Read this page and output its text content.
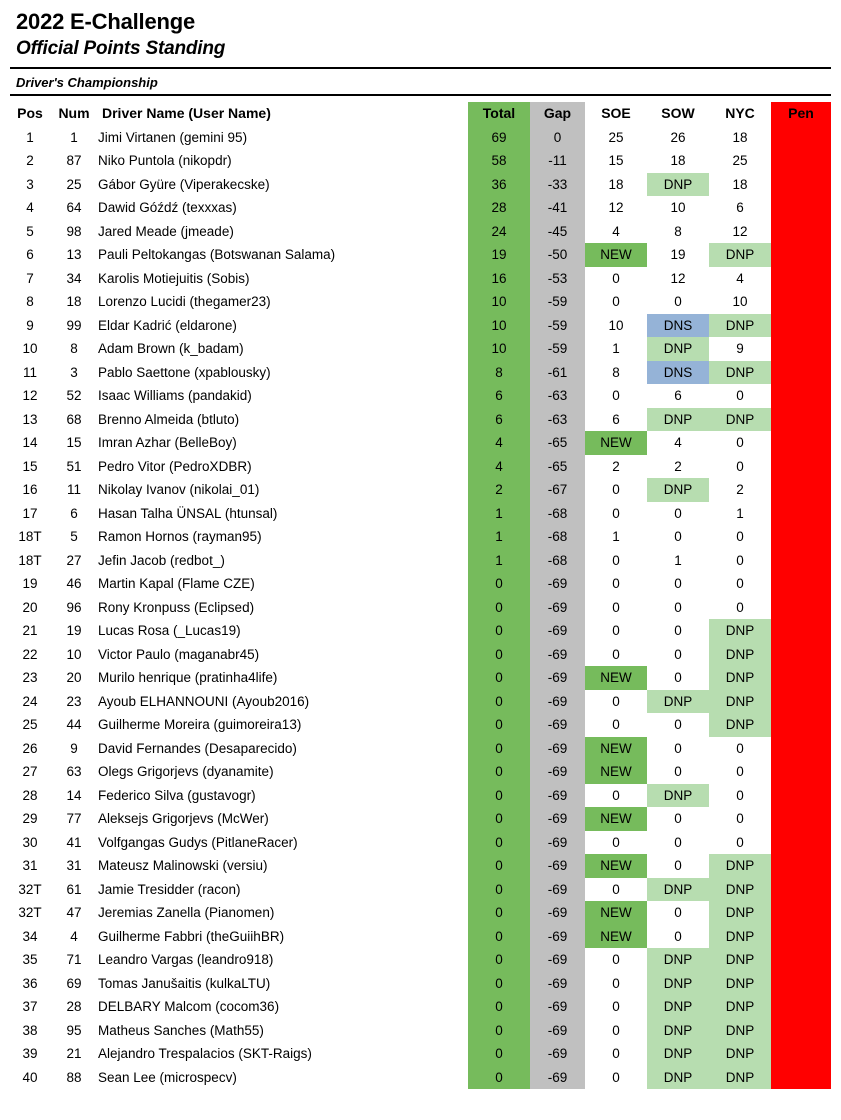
2022 E-Challenge
Official Points Standing
Driver's Championship
Pos	Num	Driver Name (User Name)	Total	Gap	SOE	SOW	NYC	Pen
1	1	Jimi Virtanen (gemini 95)	69	0	25	26	18	
2	87	Niko Puntola (nikopdr)	58	-11	15	18	25	
3	25	Gábor Gyüre (Viperakecske)	36	-33	18	DNP	18	
4	64	Dawid Góźdź (texxxas)	28	-41	12	10	6	
5	98	Jared Meade (jmeade)	24	-45	4	8	12	
6	13	Pauli Peltokangas (Botswanan Salama)	19	-50	NEW	19	DNP	
7	34	Karolis Motiejuitis (Sobis)	16	-53	0	12	4	
8	18	Lorenzo Lucidi (thegamer23)	10	-59	0	0	10	
9	99	Eldar Kadrić (eldarone)	10	-59	10	DNS	DNP	
10	8	Adam Brown (k_badam)	10	-59	1	DNP	9	
11	3	Pablo Saettone (xpablousky)	8	-61	8	DNS	DNP	
12	52	Isaac Williams (pandakid)	6	-63	0	6	0	
13	68	Brenno Almeida (btluto)	6	-63	6	DNP	DNP	
14	15	Imran Azhar (BelleBoy)	4	-65	NEW	4	0	
15	51	Pedro Vitor (PedroXDBR)	4	-65	2	2	0	
16	11	Nikolay Ivanov (nikolai_01)	2	-67	0	DNP	2	
17	6	Hasan Talha ÜNSAL (htunsal)	1	-68	0	0	1	
18T	5	Ramon Hornos (rayman95)	1	-68	1	0	0	
18T	27	Jefin Jacob (redbot_)	1	-68	0	1	0	
19	46	Martin Kapal (Flame CZE)	0	-69	0	0	0	
20	96	Rony Kronpuss (Eclipsed)	0	-69	0	0	0	
21	19	Lucas Rosa (_Lucas19)	0	-69	0	0	DNP	
22	10	Victor Paulo (maganabr45)	0	-69	0	0	DNP	
23	20	Murilo henrique (pratinha4life)	0	-69	NEW	0	DNP	
24	23	Ayoub ELHANNOUNI (Ayoub2016)	0	-69	0	DNP	DNP	
25	44	Guilherme Moreira (guimoreira13)	0	-69	0	0	DNP	
26	9	David Fernandes (Desaparecido)	0	-69	NEW	0	0	
27	63	Olegs Grigorjevs (dyanamite)	0	-69	NEW	0	0	
28	14	Federico Silva (gustavogr)	0	-69	0	DNP	0	
29	77	Aleksejs Grigorjevs (McWer)	0	-69	NEW	0	0	
30	41	Volfgangas Gudys (PitlaneRacer)	0	-69	0	0	0	
31	31	Mateusz Malinowski (versiu)	0	-69	NEW	0	DNP	
32T	61	Jamie Tresidder (racon)	0	-69	0	DNP	DNP	
32T	47	Jeremias Zanella (Pianomen)	0	-69	NEW	0	DNP	
34	4	Guilherme Fabbri (theGuiihBR)	0	-69	NEW	0	DNP	
35	71	Leandro Vargas (leandro918)	0	-69	0	DNP	DNP	
36	69	Tomas Janušaitis (kulkaLTU)	0	-69	0	DNP	DNP	
37	28	DELBARY Malcom (cocom36)	0	-69	0	DNP	DNP	
38	95	Matheus Sanches (Math55)	0	-69	0	DNP	DNP	
39	21	Alejandro Trespalacios (SKT-Raigs)	0	-69	0	DNP	DNP	
40	88	Sean Lee (microspecv)	0	-69	0	DNP	DNP	
